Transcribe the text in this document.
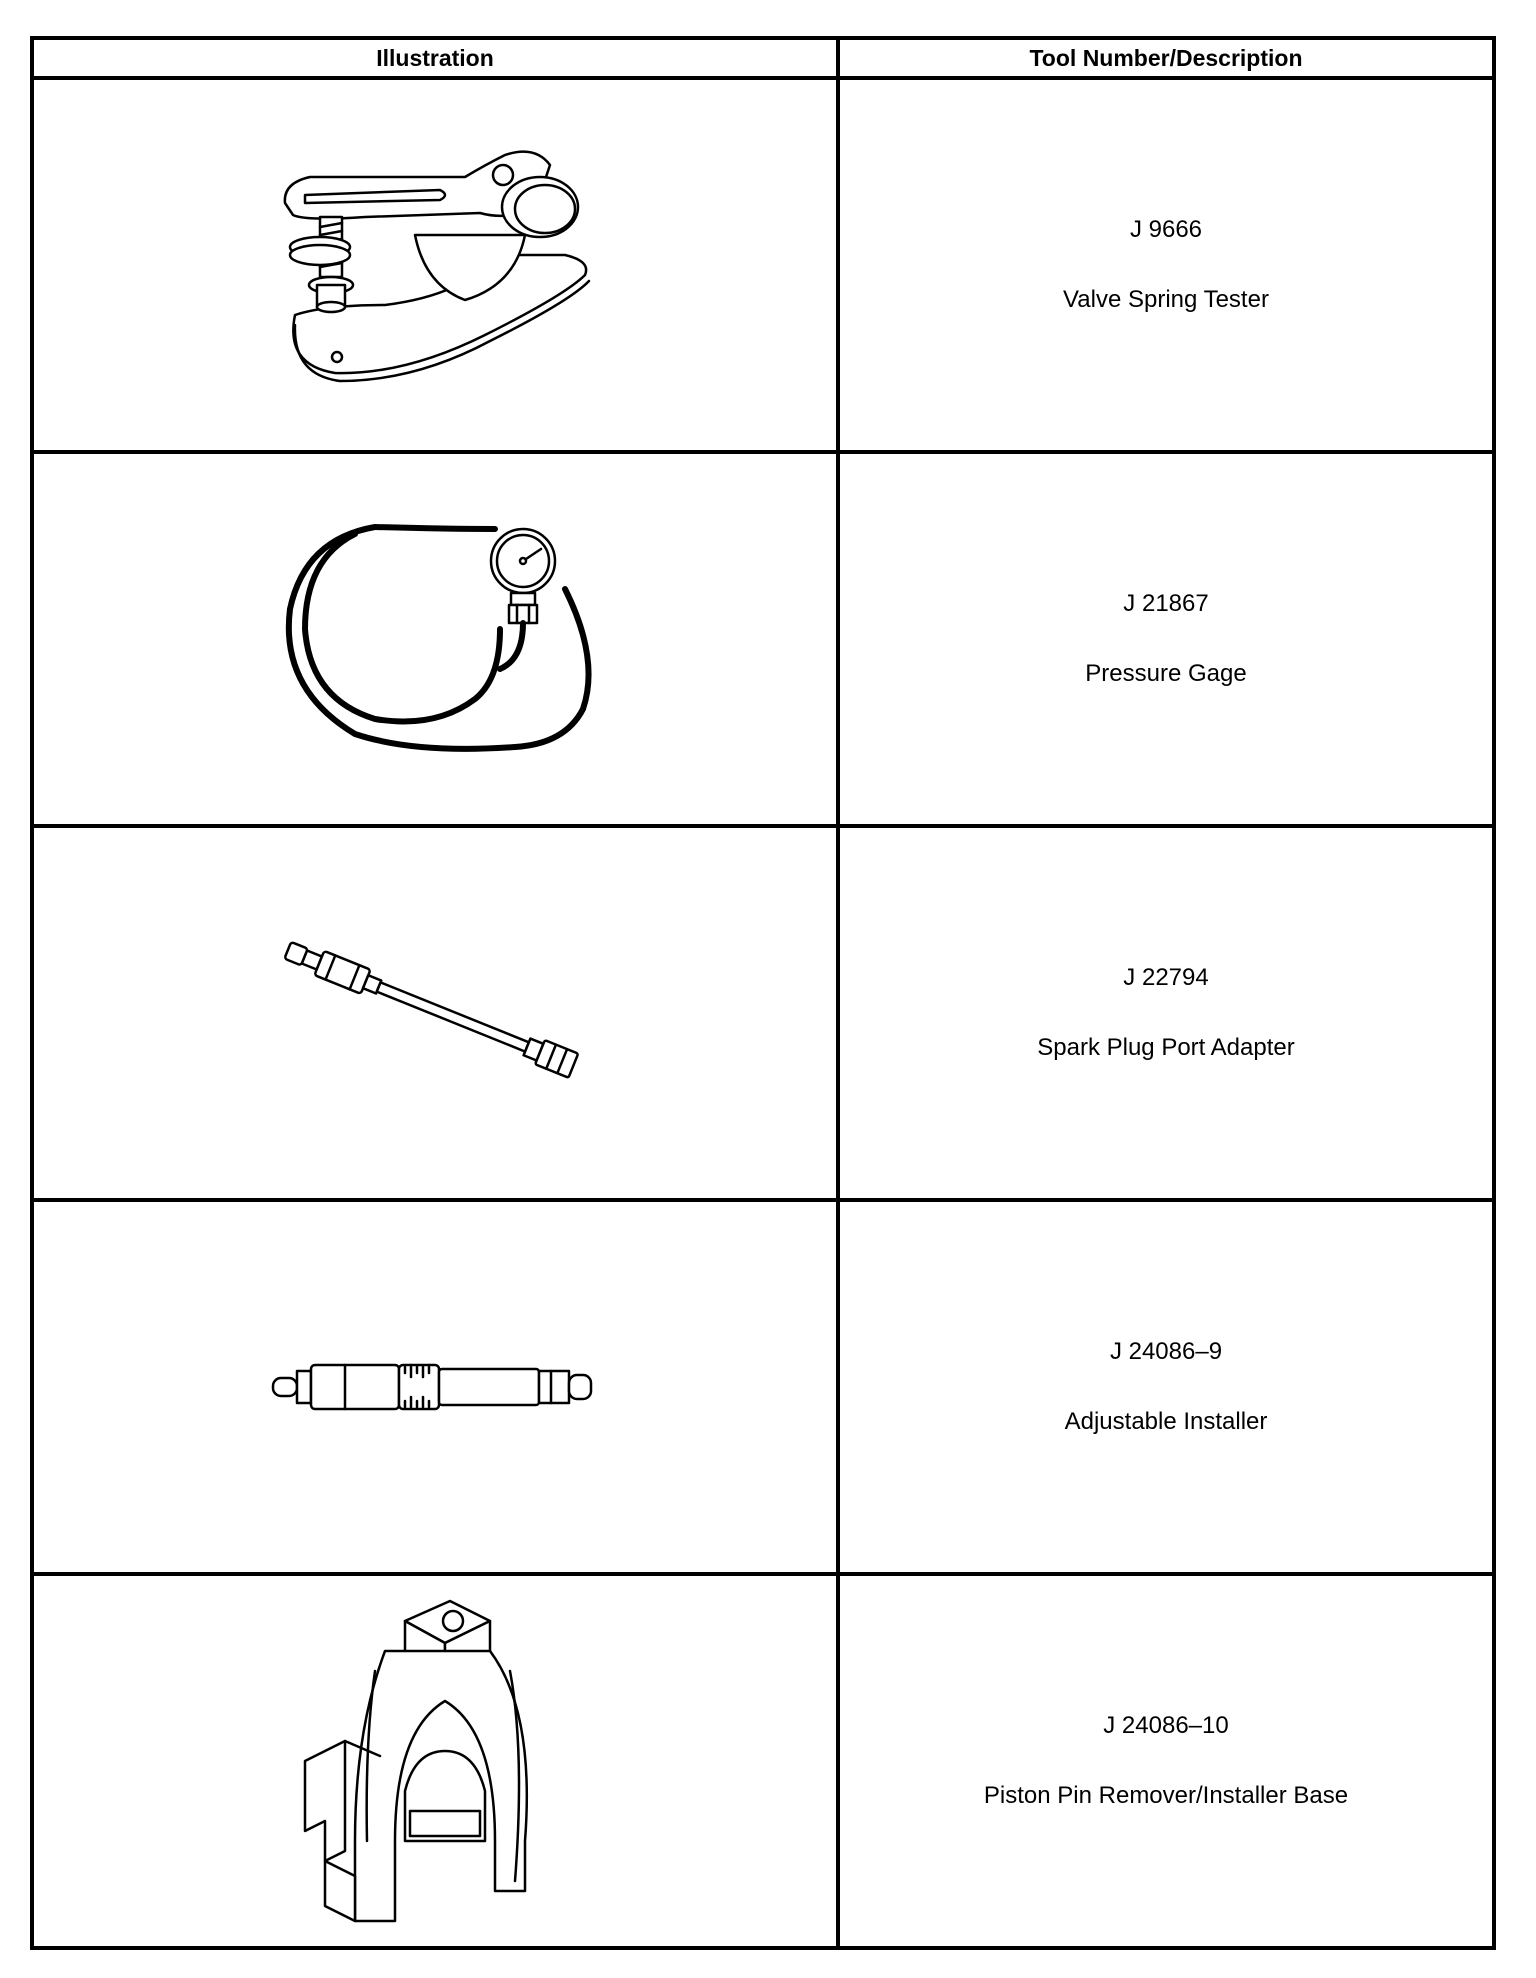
Illustration	Tool Number/Description

J 9666
Valve Spring Tester

J 21867
Pressure Gage

J 22794
Spark Plug Port Adapter

J 24086–9
Adjustable Installer

J 24086–10
Piston Pin Remover/Installer Base
